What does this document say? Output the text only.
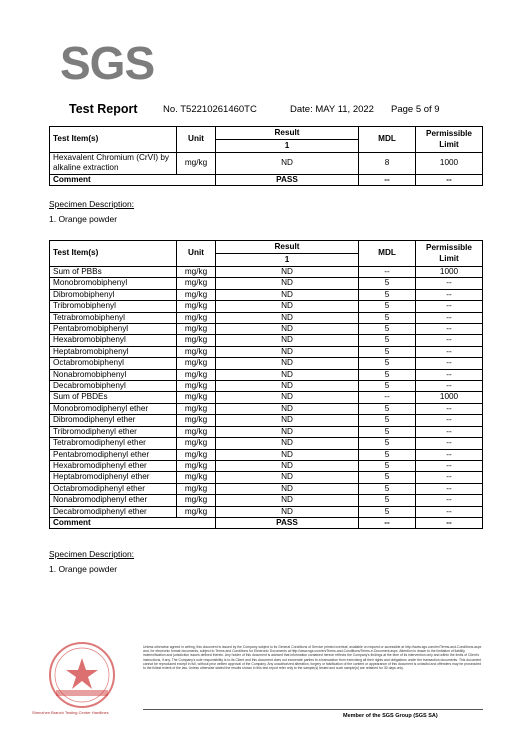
SGS
Test Report	No. T52210261460TC	Date: MAY 11, 2022 Page 5 of 9
Test Item(s)	Unit	Result	MDL	Permissible Limit
		1		
Hexavalent Chromium (CrVI) by alkaline extraction	mg/kg	ND	8	1000
Comment		PASS	--	--
Specimen Description:
1. Orange powder
Test Item(s)	Unit	Result	MDL	Permissible Limit
		1		
Sum of PBBs	mg/kg	ND	--	1000
Monobromobiphenyl	mg/kg	ND	5	--
Dibromobiphenyl	mg/kg	ND	5	--
Tribromobiphenyl	mg/kg	ND	5	--
Tetrabromobiphenyl	mg/kg	ND	5	--
Pentabromobiphenyl	mg/kg	ND	5	--
Hexabromobiphenyl	mg/kg	ND	5	--
Heptabromobiphenyl	mg/kg	ND	5	--
Octabromobiphenyl	mg/kg	ND	5	--
Nonabromobiphenyl	mg/kg	ND	5	--
Decabromobiphenyl	mg/kg	ND	5	--
Sum of PBDEs	mg/kg	ND	--	1000
Monobromodiphenyl ether	mg/kg	ND	5	--
Dibromodiphenyl ether	mg/kg	ND	5	--
Tribromodiphenyl ether	mg/kg	ND	5	--
Tetrabromodiphenyl ether	mg/kg	ND	5	--
Pentabromodiphenyl ether	mg/kg	ND	5	--
Hexabromodiphenyl ether	mg/kg	ND	5	--
Heptabromodiphenyl ether	mg/kg	ND	5	--
Octabromodiphenyl ether	mg/kg	ND	5	--
Nonabromodiphenyl ether	mg/kg	ND	5	--
Decabromodiphenyl ether	mg/kg	ND	5	--
Comment		PASS	--	--
Specimen Description:
1. Orange powder
Shenzhen Branch Testing Center Hardlines
Unless otherwise agreed in writing, this document is issued by the Company subject to its General Conditions of Service printed overleaf, available on request or accessible at http://www.sgs.com/en/Terms-and-Conditions.aspx and, for electronic format documents, subject to Terms and Conditions for Electronic Documents at http://www.sgs.com/en/Terms-and-Conditions/Terms-e-Document.aspx. Attention is drawn to the limitation of liability, indemnification and jurisdiction issues defined therein. Any holder of this document is advised that information contained hereon reflects the Company's findings at the time of its intervention only and within the limits of Client's instructions, if any. The Company's sole responsibility is to its Client and this document does not exonerate parties to a transaction from exercising all their rights and obligations under the transaction documents. This document cannot be reproduced except in full, without prior written approval of the Company. Any unauthorized alteration, forgery or falsification of the content or appearance of this document is unlawful and offenders may be prosecuted to the fullest extent of the law. Unless otherwise stated the results shown in this test report refer only to the sample(s) tested and such sample(s) are retained for 30 days only.
Member of the SGS Group (SGS SA)
